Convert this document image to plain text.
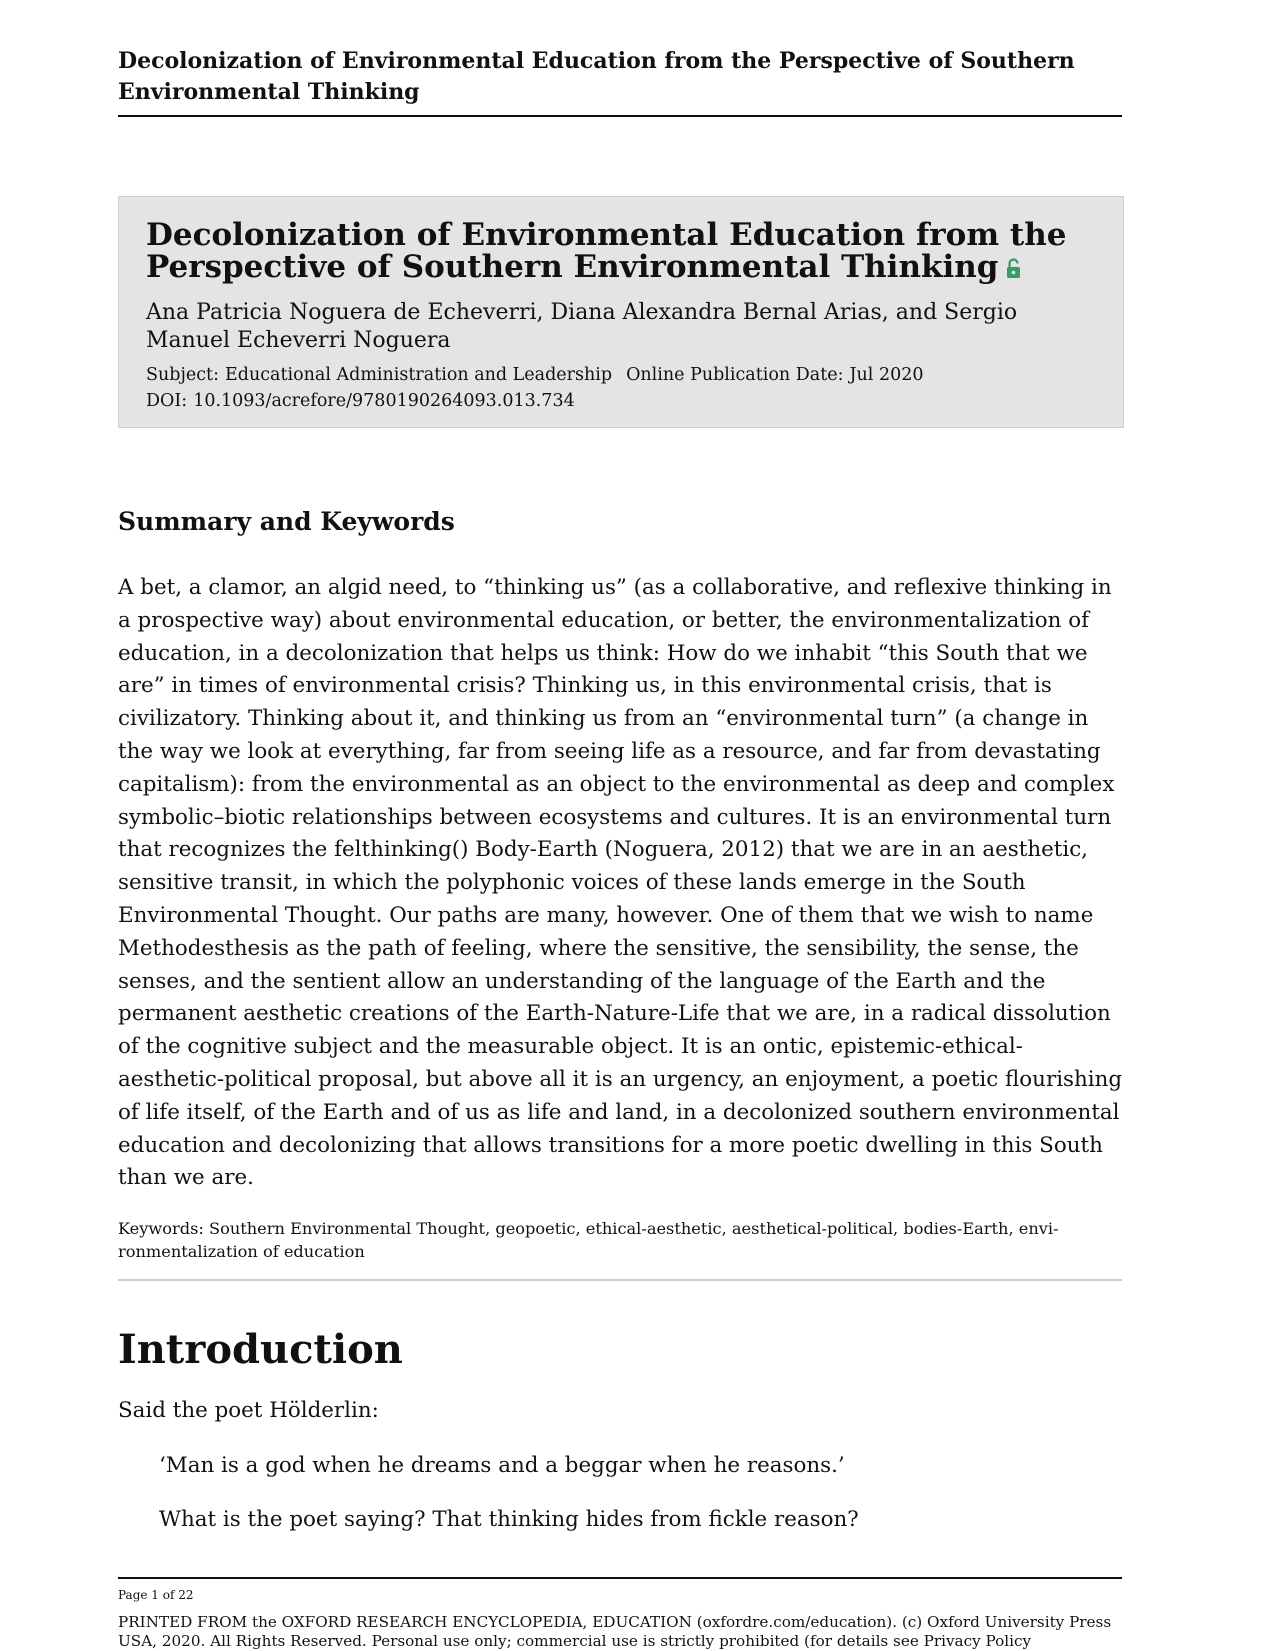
Decolonization of Environmental Education from the Perspective of Southern Environmental Thinking
Decolonization of Environmental Education from the Perspective of Southern Environmental Thinking
Ana Patricia Noguera de Echeverri, Diana Alexandra Bernal Arias, and Sergio Manuel Echeverri Noguera
Subject: Educational Administration and Leadership Online Publication Date: Jul 2020
DOI: 10.1093/acrefore/9780190264093.013.734
Summary and Keywords

A bet, a clamor, an algid need, to “thinking us” (as a collaborative, and reflexive thinking in a prospective way) about environmental education, or better, the environmentalization of education, in a decolonization that helps us think: How do we inhabit “this South that we are” in times of environmental crisis? Thinking us, in this environmental crisis, that is civilizatory. Thinking about it, and thinking us from an “environmental turn” (a change in the way we look at everything, far from seeing life as a resource, and far from devastating capitalism): from the environmental as an object to the environmental as deep and complex symbolic–biotic relationships between ecosystems and cultures. It is an environmental turn that recognizes the felthinking() Body-Earth (Noguera, 2012) that we are in an aesthetic, sensitive transit, in which the polyphonic voices of these lands emerge in the South Environmental Thought. Our paths are many, however. One of them that we wish to name Methodesthesis as the path of feeling, where the sensitive, the sensibility, the sense, the senses, and the sentient allow an understanding of the language of the Earth and the permanent aesthetic creations of the Earth-Nature-Life that we are, in a radical dissolution of the cognitive subject and the measurable object. It is an ontic, epistemic-ethical-aesthetic-political proposal, but above all it is an urgency, an enjoyment, a poetic flourishing of life itself, of the Earth and of us as life and land, in a decolonized southern environmental education and decolonizing that allows transitions for a more poetic dwelling in this South than we are.

Keywords: Southern Environmental Thought, geopoetic, ethical-aesthetic, aesthetical-political, bodies-Earth, environmentalization of education

Introduction

Said the poet Hölderlin:

‘Man is a god when he dreams and a beggar when he reasons.’

What is the poet saying? That thinking hides from fickle reason?

Page 1 of 22

PRINTED FROM the OXFORD RESEARCH ENCYCLOPEDIA, EDUCATION (oxfordre.com/education). (c) Oxford University Press USA, 2020. All Rights Reserved. Personal use only; commercial use is strictly prohibited (for details see Privacy Policy
